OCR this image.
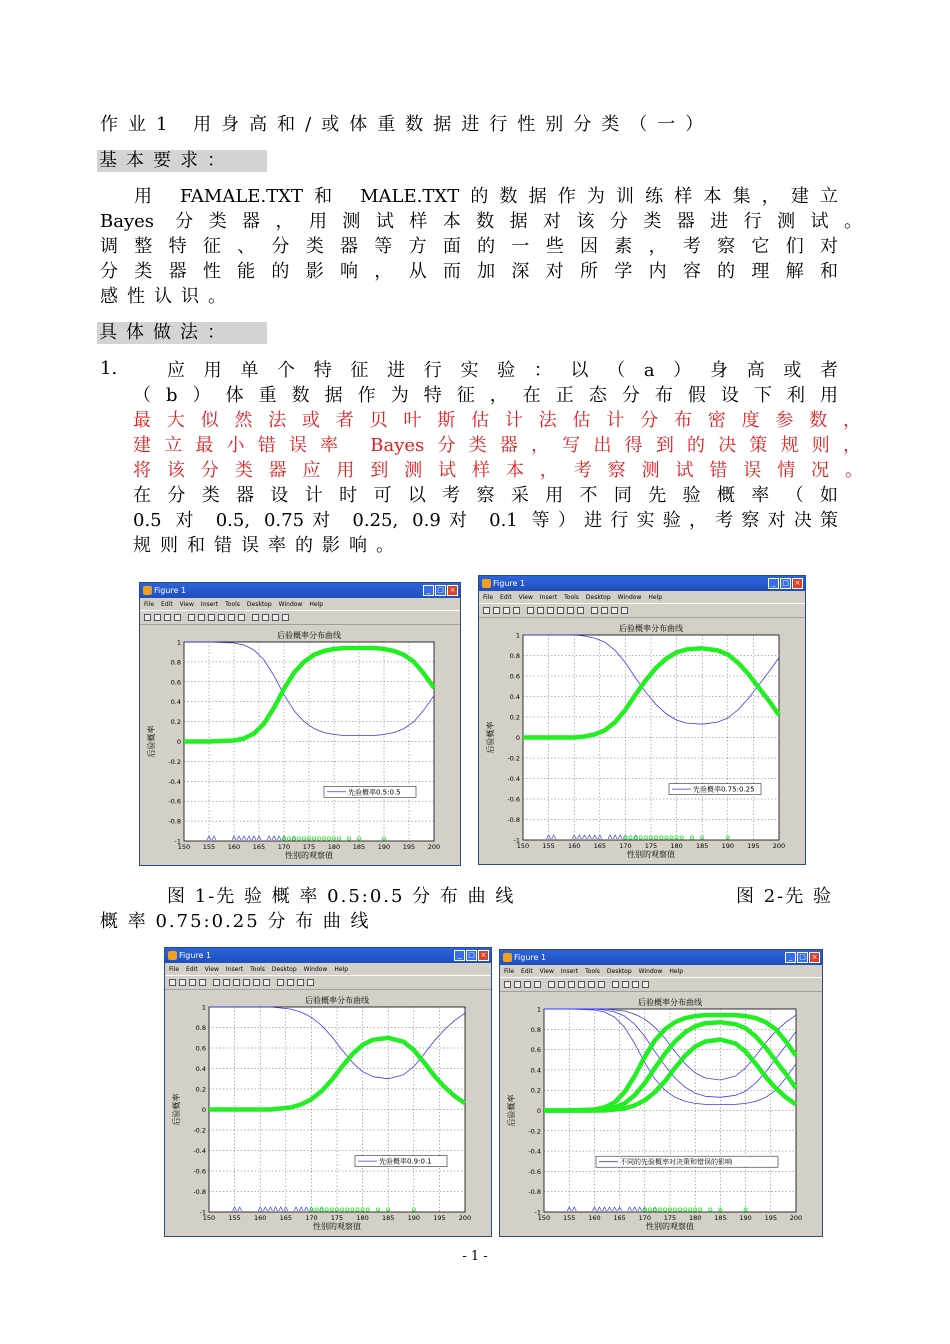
作业1 用身高和/或体重数据进行性别分类（一）
基本要求：
用 FAMALE.TXT和 MALE.TXT的数据作为训练样本集，建立
Bayes 分类器，用测试样本数据对该分类器进行测试。
调整特征、分类器等方面的一些因素，考察它们对
分类器性能的影响，从而加深对所学内容的理解和
感性认识。
具体做法：
1.	应用单个特征进行实验：以（a）身高或者
（b）体重数据作为特征，在正态分布假设下利用
最大似然法或者贝叶斯估计法估计分布密度参数，
建立最小错误率 Bayes分类器，写出得到的决策规则，
将该分类器应用到测试样本，考察测试错误情况。
在分类器设计时可以考察采用不同先验概率（如
0.5 对 0.5, 0.75对 0.25, 0.9对 0.1 等）进行实验，考察对决策
规则和错误率的影响。
Figure 1	_ □ ×
File Edit View Insert Tools Desktop Window Help
后验概率分布曲线
150 155 160 165 170 175 180 185 190 195 200
1
0.8
0.6
0.4
0.2
0
-0.2
-0.4
-0.6
-0.8
-1
性别的观察值
后验概率
先验概率0.5:0.5
Figure 1	_ □ ×
File Edit View Insert Tools Desktop Window Help
后验概率分布曲线
150 155 160 165 170 175 180 185 190 195 200
1
0.8
0.6
0.4
0.2
0
-0.2
-0.4
-0.6
-0.8
-1
性别的观察值
后验概率
先验概率0.75:0.25
Figure 1	_ □ ×
File Edit View Insert Tools Desktop Window Help
后验概率分布曲线
150 155 160 165 170 175 180 185 190 195 200
1
0.8
0.6
0.4
0.2
0
-0.2
-0.4
-0.6
-0.8
-1
性别的观察值
后验概率
先验概率0.9:0.1
Figure 1	_ □ ×
File Edit View Insert Tools Desktop Window Help
后验概率分布曲线
150 155 160 165 170 175 180 185 190 195 200
1
0.8
0.6
0.4
0.2
0
-0.2
-0.4
-0.6
-0.8
-1
性别的观察值
后验概率
不同的先验概率对决策和错误的影响
图 1-先 验 概 率 0.5:0.5 分 布 曲 线	图 2-先 验
概 率 0.75:0.25 分 布 曲 线
- 1 -
